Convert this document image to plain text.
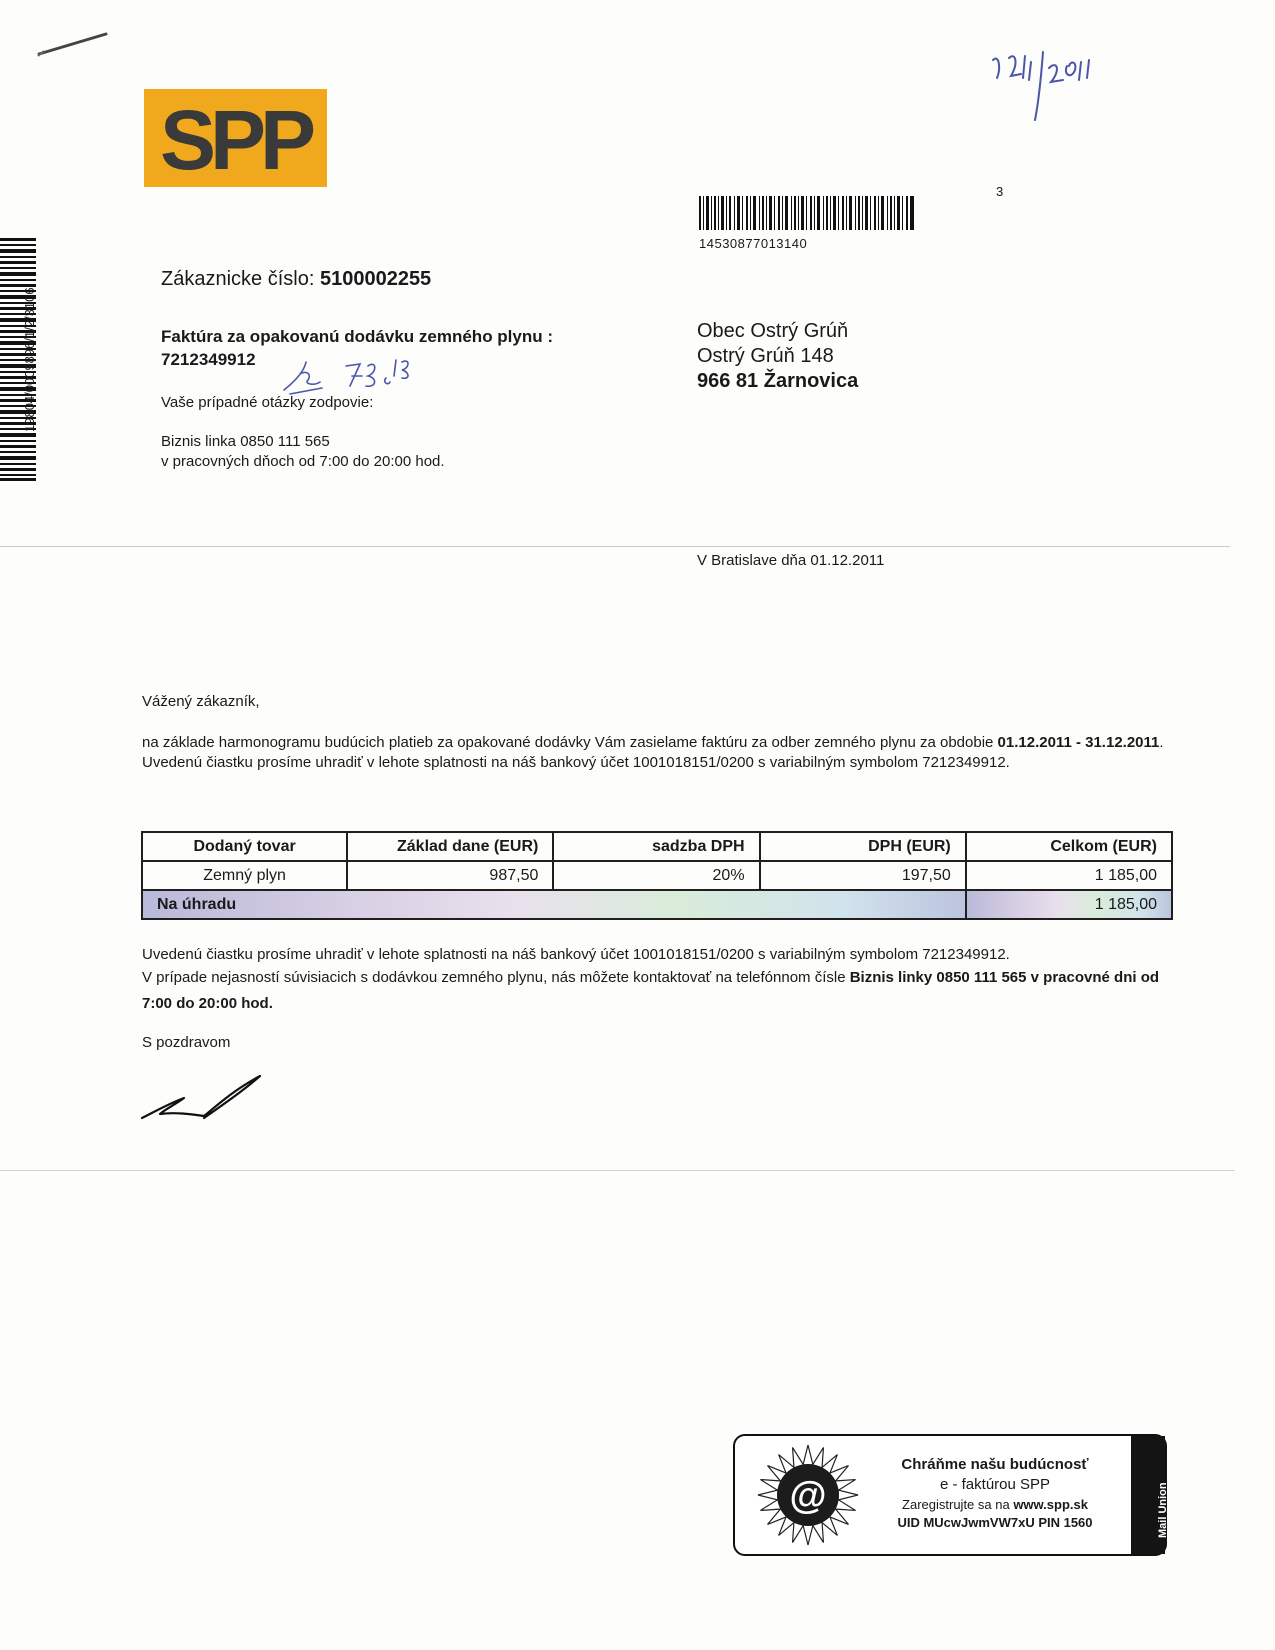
SPP
19804/0009896/1/2/3106
14530877013140
3
Zákaznicke číslo: 5100002255
Faktúra za opakovanú dodávku zemného plynu :
7212349912
Vaše prípadné otázky zodpovie:
Biznis linka 0850 111 565
v pracovných dňoch od 7:00 do 20:00 hod.
Obec Ostrý Grúň
Ostrý Grúň 148
966 81 Žarnovica
V Bratislave dňa 01.12.2011
Vážený zákazník,
na základe harmonogramu budúcich platieb za opakované dodávky Vám zasielame faktúru za odber zemného plynu za obdobie 01.12.2011 - 31.12.2011.
Uvedenú čiastku prosíme uhradiť v lehote splatnosti na náš bankový účet 1001018151/0200 s variabilným symbolom 7212349912.
Dodaný tovar	Základ dane (EUR)	sadzba DPH	DPH (EUR)	Celkom (EUR)
Zemný plyn	987,50	20%	197,50	1 185,00
Na úhradu				1 185,00
Uvedenú čiastku prosíme uhradiť v lehote splatnosti na náš bankový účet 1001018151/0200 s variabilným symbolom 7212349912.
V prípade nejasností súvisiacich s dodávkou zemného plynu, nás môžete kontaktovať na telefónnom čísle Biznis linky 0850 111 565 v pracovné dni od 7:00 do 20:00 hod.
S pozdravom
@
Chráňme našu budúcnosť
e - faktúrou SPP
Zaregistrujte sa na www.spp.sk
UID MUcwJwmVW7xU PIN 1560	Mail Union
